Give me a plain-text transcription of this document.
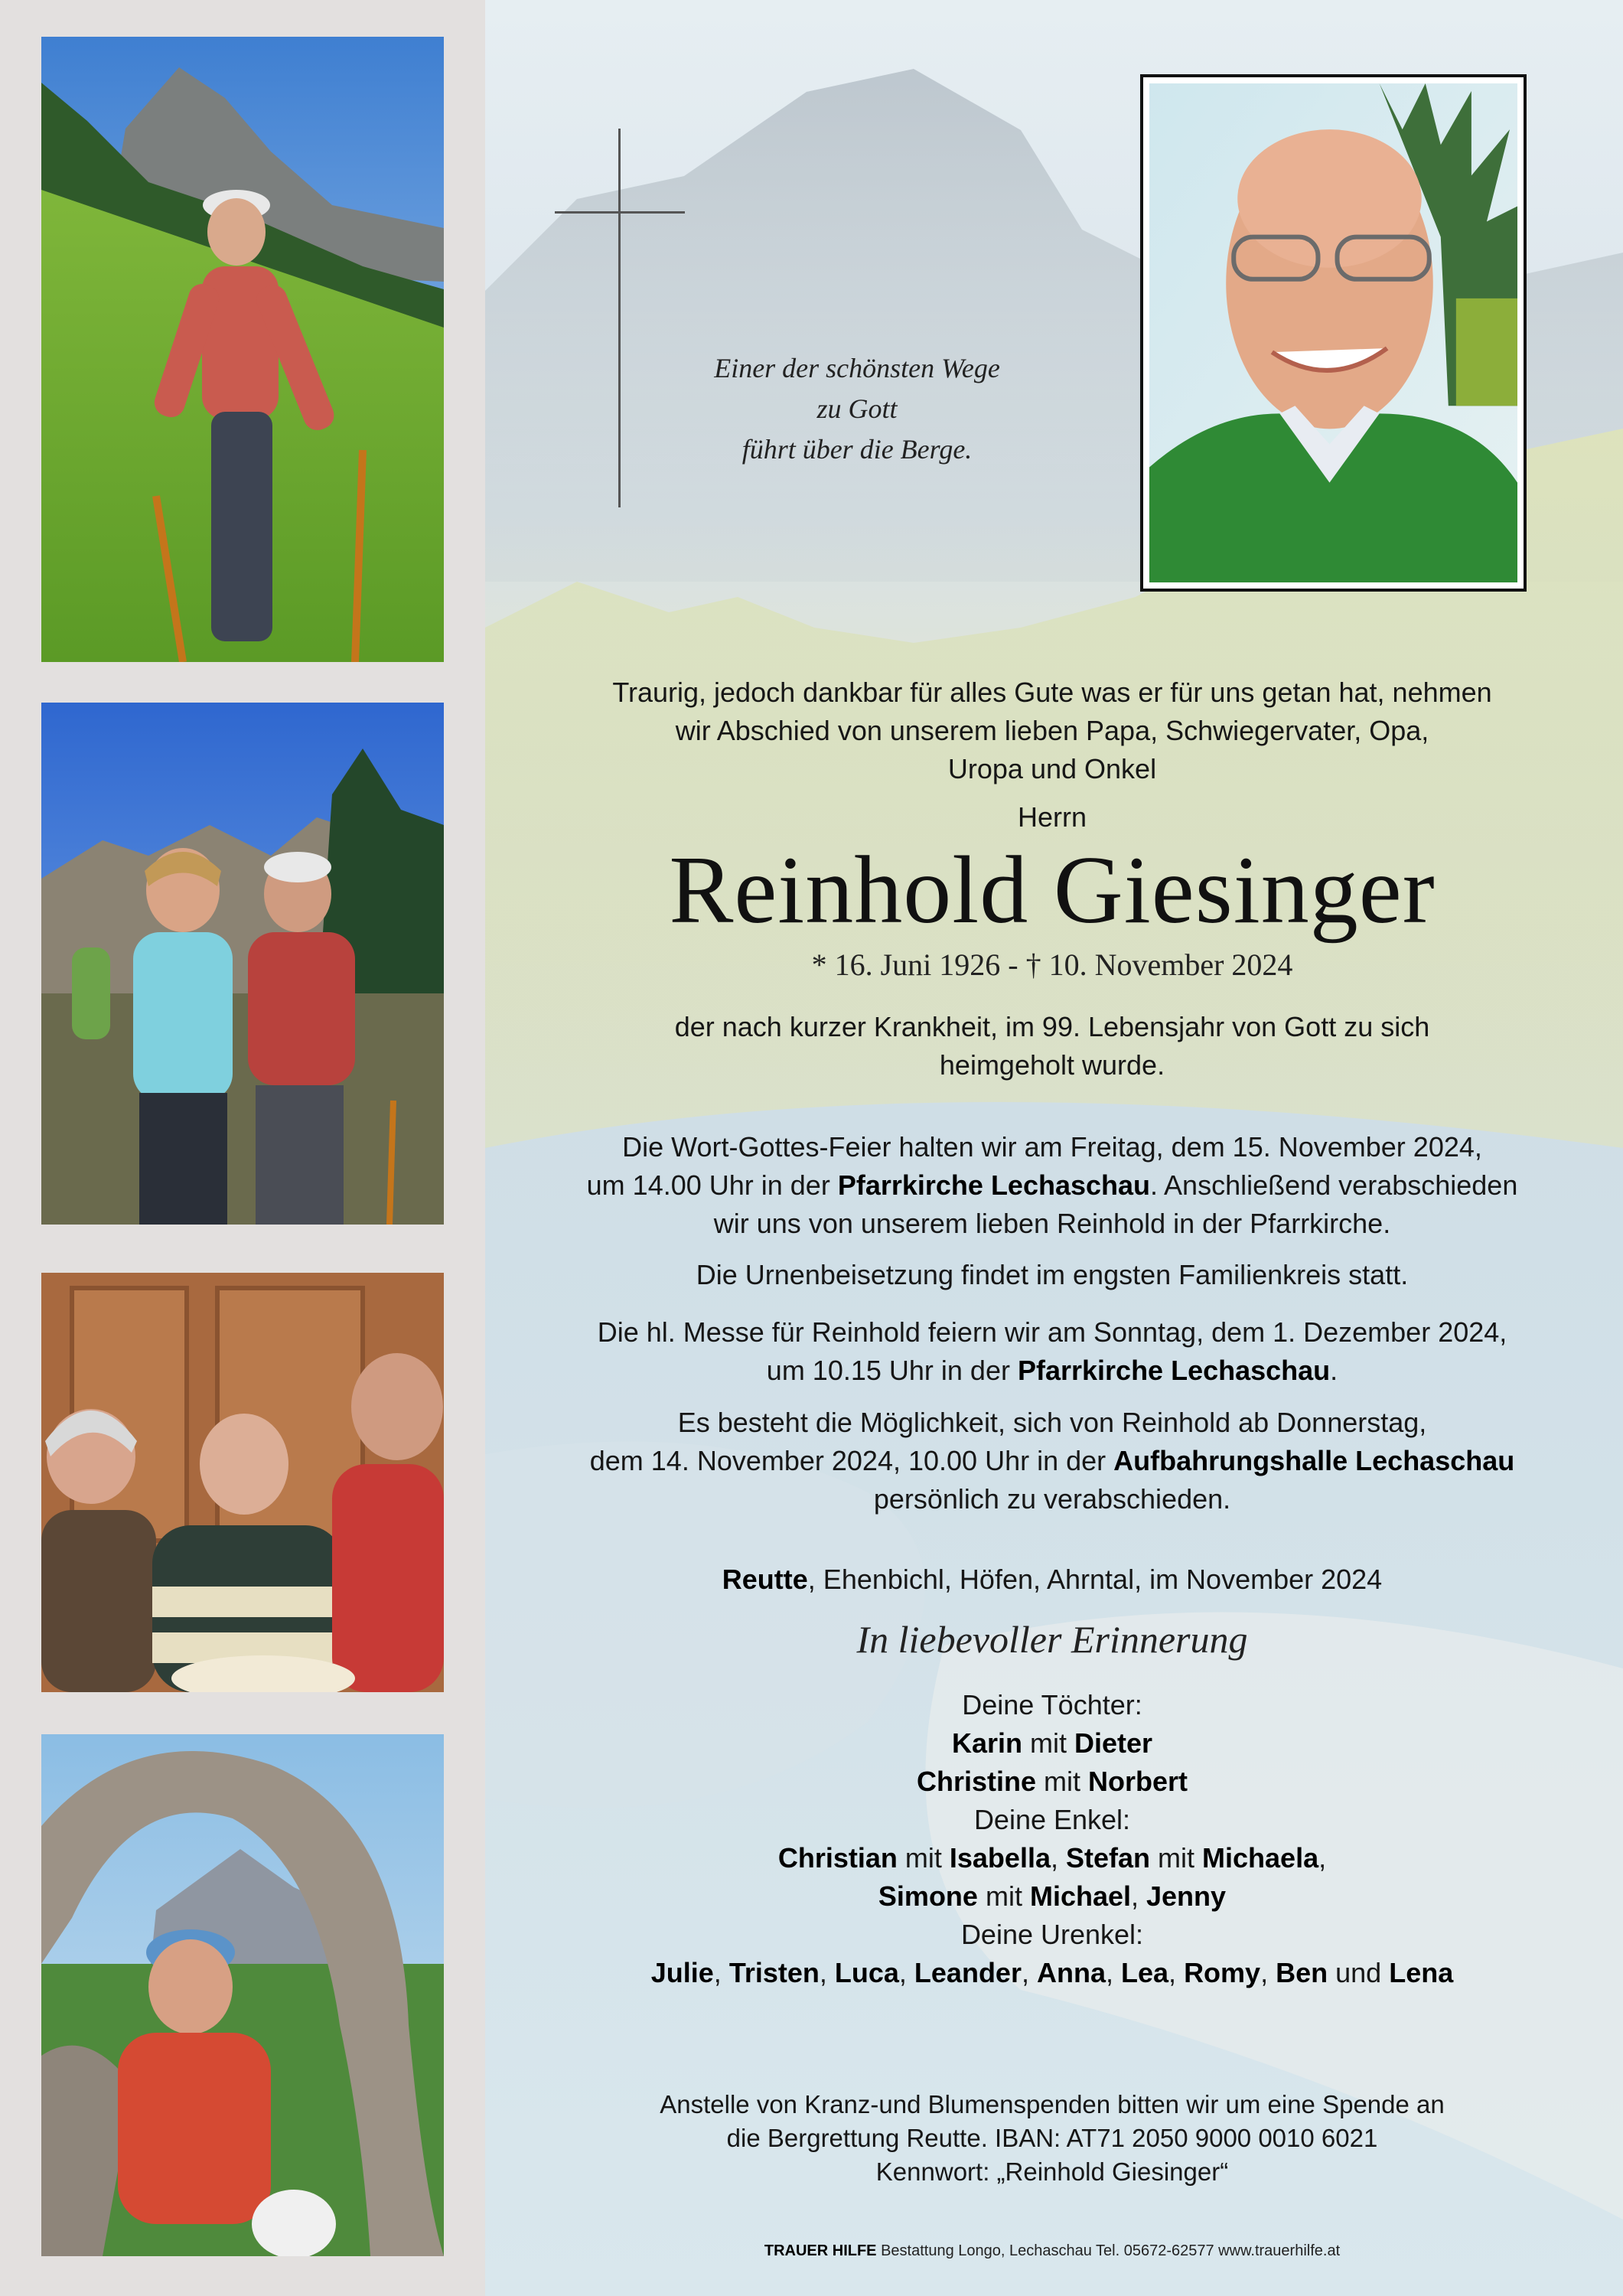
Einer der schönsten Wege
zu Gott
führt über die Berge.
Traurig, jedoch dankbar für alles Gute was er für uns getan hat, nehmen
wir Abschied von unserem lieben Papa, Schwiegervater, Opa,
Uropa und Onkel
Herrn
Reinhold Giesinger
* 16. Juni 1926 - † 10. November 2024
der nach kurzer Krankheit, im 99. Lebensjahr von Gott zu sich
heimgeholt wurde.
Die Wort-Gottes-Feier halten wir am Freitag, dem 15. November 2024,
um 14.00 Uhr in der Pfarrkirche Lechaschau. Anschließend verabschieden
wir uns von unserem lieben Reinhold in der Pfarrkirche.
Die Urnenbeisetzung findet im engsten Familienkreis statt.
Die hl. Messe für Reinhold feiern wir am Sonntag, dem 1. Dezember 2024,
um 10.15 Uhr in der Pfarrkirche Lechaschau.
Es besteht die Möglichkeit, sich von Reinhold ab Donnerstag,
dem 14. November 2024, 10.00 Uhr in der Aufbahrungshalle Lechaschau
persönlich zu verabschieden.
Reutte, Ehenbichl, Höfen, Ahrntal, im November 2024
In liebevoller Erinnerung
Deine Töchter:
Karin mit Dieter
Christine mit Norbert
Deine Enkel:
Christian mit Isabella, Stefan mit Michaela,
Simone mit Michael, Jenny
Deine Urenkel:
Julie, Tristen, Luca, Leander, Anna, Lea, Romy, Ben und Lena
Anstelle von Kranz-und Blumenspenden bitten wir um eine Spende an
die Bergrettung Reutte. IBAN: AT71 2050 9000 0010 6021
Kennwort: „Reinhold Giesinger“
TRAUER HILFE Bestattung Longo, Lechaschau Tel. 05672-62577 www.trauerhilfe.at
